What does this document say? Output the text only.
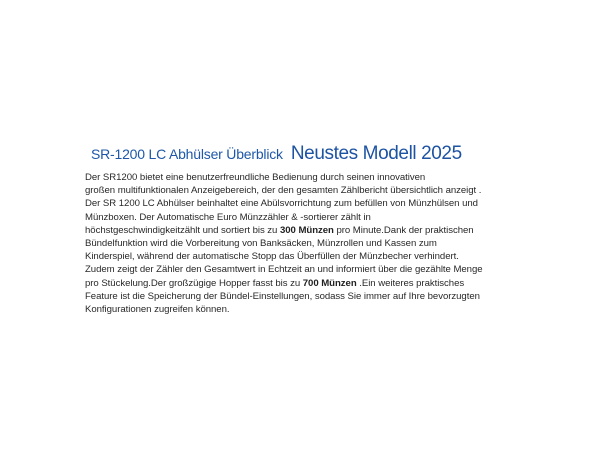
SR-1200 LC Abhülser Überblick Neustes Modell 2025
Der SR1200 bietet eine benutzerfreundliche Bedienung durch seinen innovativen
großen multifunktionalen Anzeigebereich, der den gesamten Zählbericht übersichtlich anzeigt .
Der SR 1200 LC Abhülser beinhaltet eine Abülsvorrichtung zum befüllen von Münzhülsen und
Münzboxen. Der Automatische Euro Münzzähler & -sortierer zählt in
höchstgeschwindigkeitzählt und sortiert bis zu 300 Münzen pro Minute.Dank der praktischen
Bündelfunktion wird die Vorbereitung von Banksäcken, Münzrollen und Kassen zum
Kinderspiel, während der automatische Stopp das Überfüllen der Münzbecher verhindert.
Zudem zeigt der Zähler den Gesamtwert in Echtzeit an und informiert über die gezählte Menge
pro Stückelung.Der großzügige Hopper fasst bis zu 700 Münzen .Ein weiteres praktisches
Feature ist die Speicherung der Bündel-Einstellungen, sodass Sie immer auf Ihre bevorzugten
Konfigurationen zugreifen können.
